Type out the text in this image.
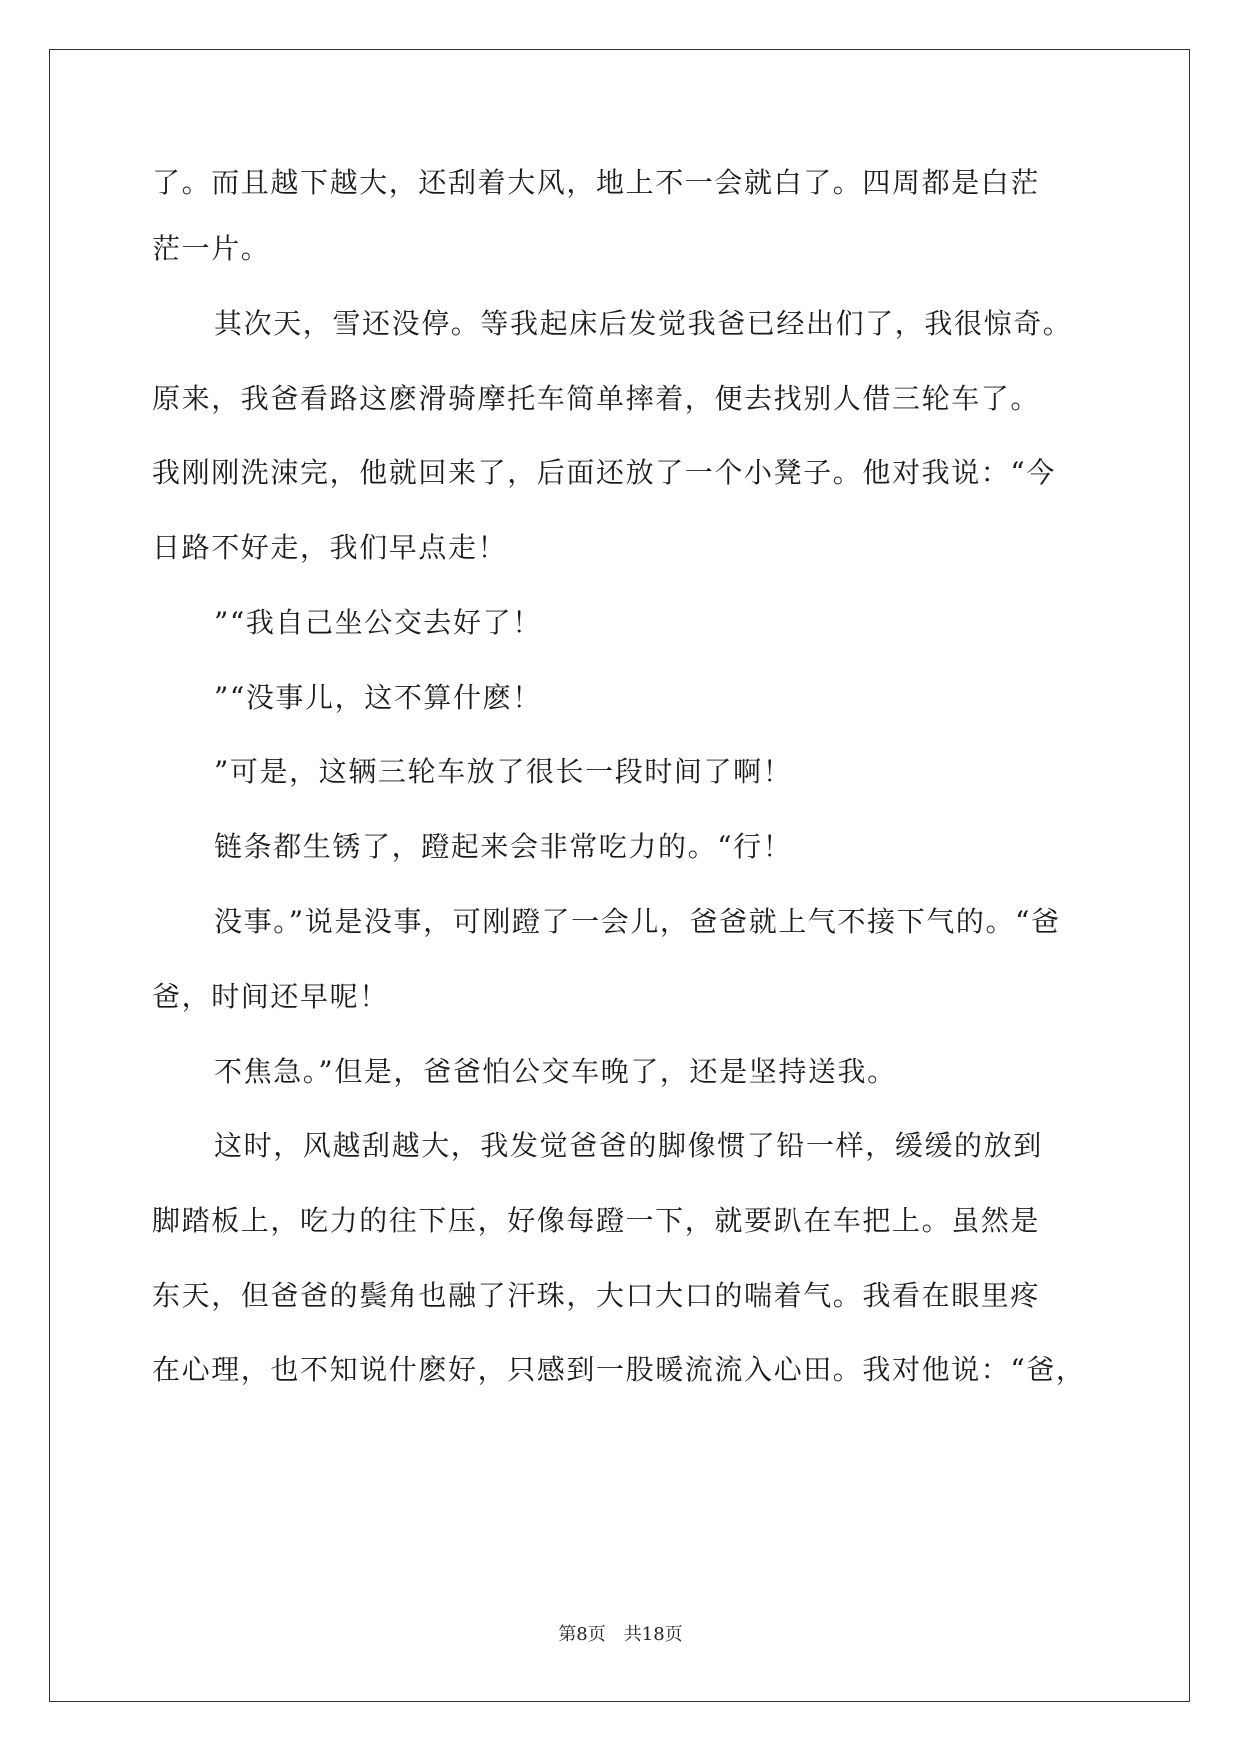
了。而且越下越大，还刮着大风，地上不一会就白了。四周都是白茫
茫一片。
其次天，雪还没停。等我起床后发觉我爸已经出们了，我很惊奇。
原来，我爸看路这麽滑骑摩托车简单摔着，便去找别人借三轮车了。
我刚刚洗涑完，他就回来了，后面还放了一个小凳子。他对我说：“今
日路不好走，我们早点走！
”“我自己坐公交去好了！
”“没事儿，这不算什麽！
”可是，这辆三轮车放了很长一段时间了啊！
链条都生锈了，蹬起来会非常吃力的。“行！
没事。”说是没事，可刚蹬了一会儿，爸爸就上气不接下气的。“爸
爸，时间还早呢！
不焦急。”但是，爸爸怕公交车晚了，还是坚持送我。
这时，风越刮越大，我发觉爸爸的脚像惯了铅一样，缓缓的放到
脚踏板上，吃力的往下压，好像每蹬一下，就要趴在车把上。虽然是
东天，但爸爸的鬓角也融了汗珠，大口大口的喘着气。我看在眼里疼
在心理，也不知说什麽好，只感到一股暖流流入心田。我对他说：“爸，
第8页　共18页
